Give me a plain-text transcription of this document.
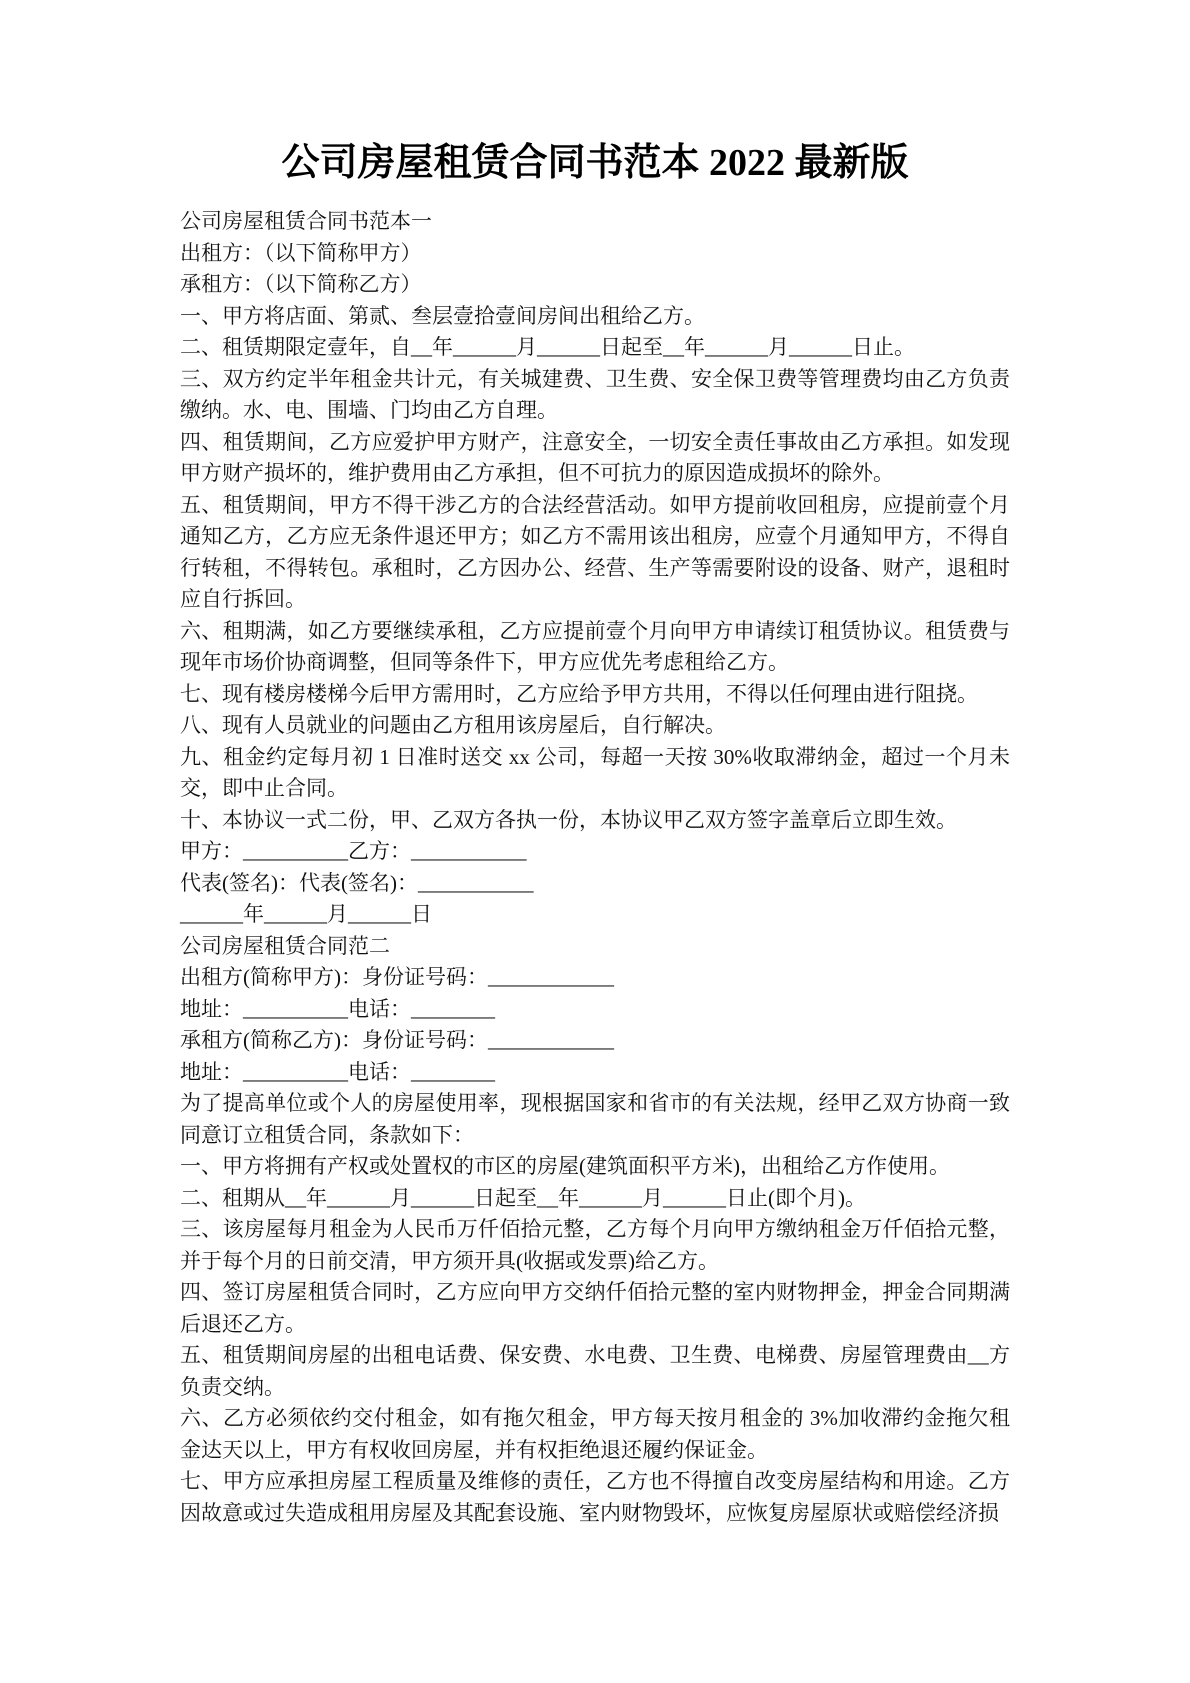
公司房屋租赁合同书范本 2022 最新版

公司房屋租赁合同书范本一

出租方：（以下简称甲方）

承租方：（以下简称乙方）

一、甲方将店面、第贰、叁层壹拾壹间房间出租给乙方。

二、租赁期限定壹年，自__年______月______日起至__年______月______日止。

三、双方约定半年租金共计元，有关城建费、卫生费、安全保卫费等管理费均由乙方负责缴纳。水、电、围墙、门均由乙方自理。

四、租赁期间，乙方应爱护甲方财产，注意安全，一切安全责任事故由乙方承担。如发现甲方财产损坏的，维护费用由乙方承担，但不可抗力的原因造成损坏的除外。

五、租赁期间，甲方不得干涉乙方的合法经营活动。如甲方提前收回租房，应提前壹个月通知乙方，乙方应无条件退还甲方；如乙方不需用该出租房，应壹个月通知甲方，不得自行转租，不得转包。承租时，乙方因办公、经营、生产等需要附设的设备、财产，退租时应自行拆回。

六、租期满，如乙方要继续承租，乙方应提前壹个月向甲方申请续订租赁协议。租赁费与现年市场价协商调整，但同等条件下，甲方应优先考虑租给乙方。

七、现有楼房楼梯今后甲方需用时，乙方应给予甲方共用，不得以任何理由进行阻挠。

八、现有人员就业的问题由乙方租用该房屋后，自行解决。

九、租金约定每月初 1 日准时送交 xx 公司，每超一天按 30%收取滞纳金，超过一个月未交，即中止合同。

十、本协议一式二份，甲、乙双方各执一份，本协议甲乙双方签字盖章后立即生效。

甲方：__________乙方：___________

代表(签名)：代表(签名)：___________

______年______月______日

公司房屋租赁合同范二

出租方(简称甲方)：身份证号码：____________

地址：__________电话：________

承租方(简称乙方)：身份证号码：____________

地址：__________电话：________

为了提高单位或个人的房屋使用率，现根据国家和省市的有关法规，经甲乙双方协商一致同意订立租赁合同，条款如下：

一、甲方将拥有产权或处置权的市区的房屋(建筑面积平方米)，出租给乙方作使用。

二、租期从__年______月______日起至__年______月______日止(即个月)。

三、该房屋每月租金为人民币万仟佰拾元整，乙方每个月向甲方缴纳租金万仟佰拾元整，并于每个月的日前交清，甲方须开具(收据或发票)给乙方。

四、签订房屋租赁合同时，乙方应向甲方交纳仟佰拾元整的室内财物押金，押金合同期满后退还乙方。

五、租赁期间房屋的出租电话费、保安费、水电费、卫生费、电梯费、房屋管理费由__方负责交纳。

六、乙方必须依约交付租金，如有拖欠租金，甲方每天按月租金的 3%加收滞约金拖欠租金达天以上，甲方有权收回房屋，并有权拒绝退还履约保证金。

七、甲方应承担房屋工程质量及维修的责任，乙方也不得擅自改变房屋结构和用途。乙方因故意或过失造成租用房屋及其配套设施、室内财物毁坏，应恢复房屋原状或赔偿经济损
